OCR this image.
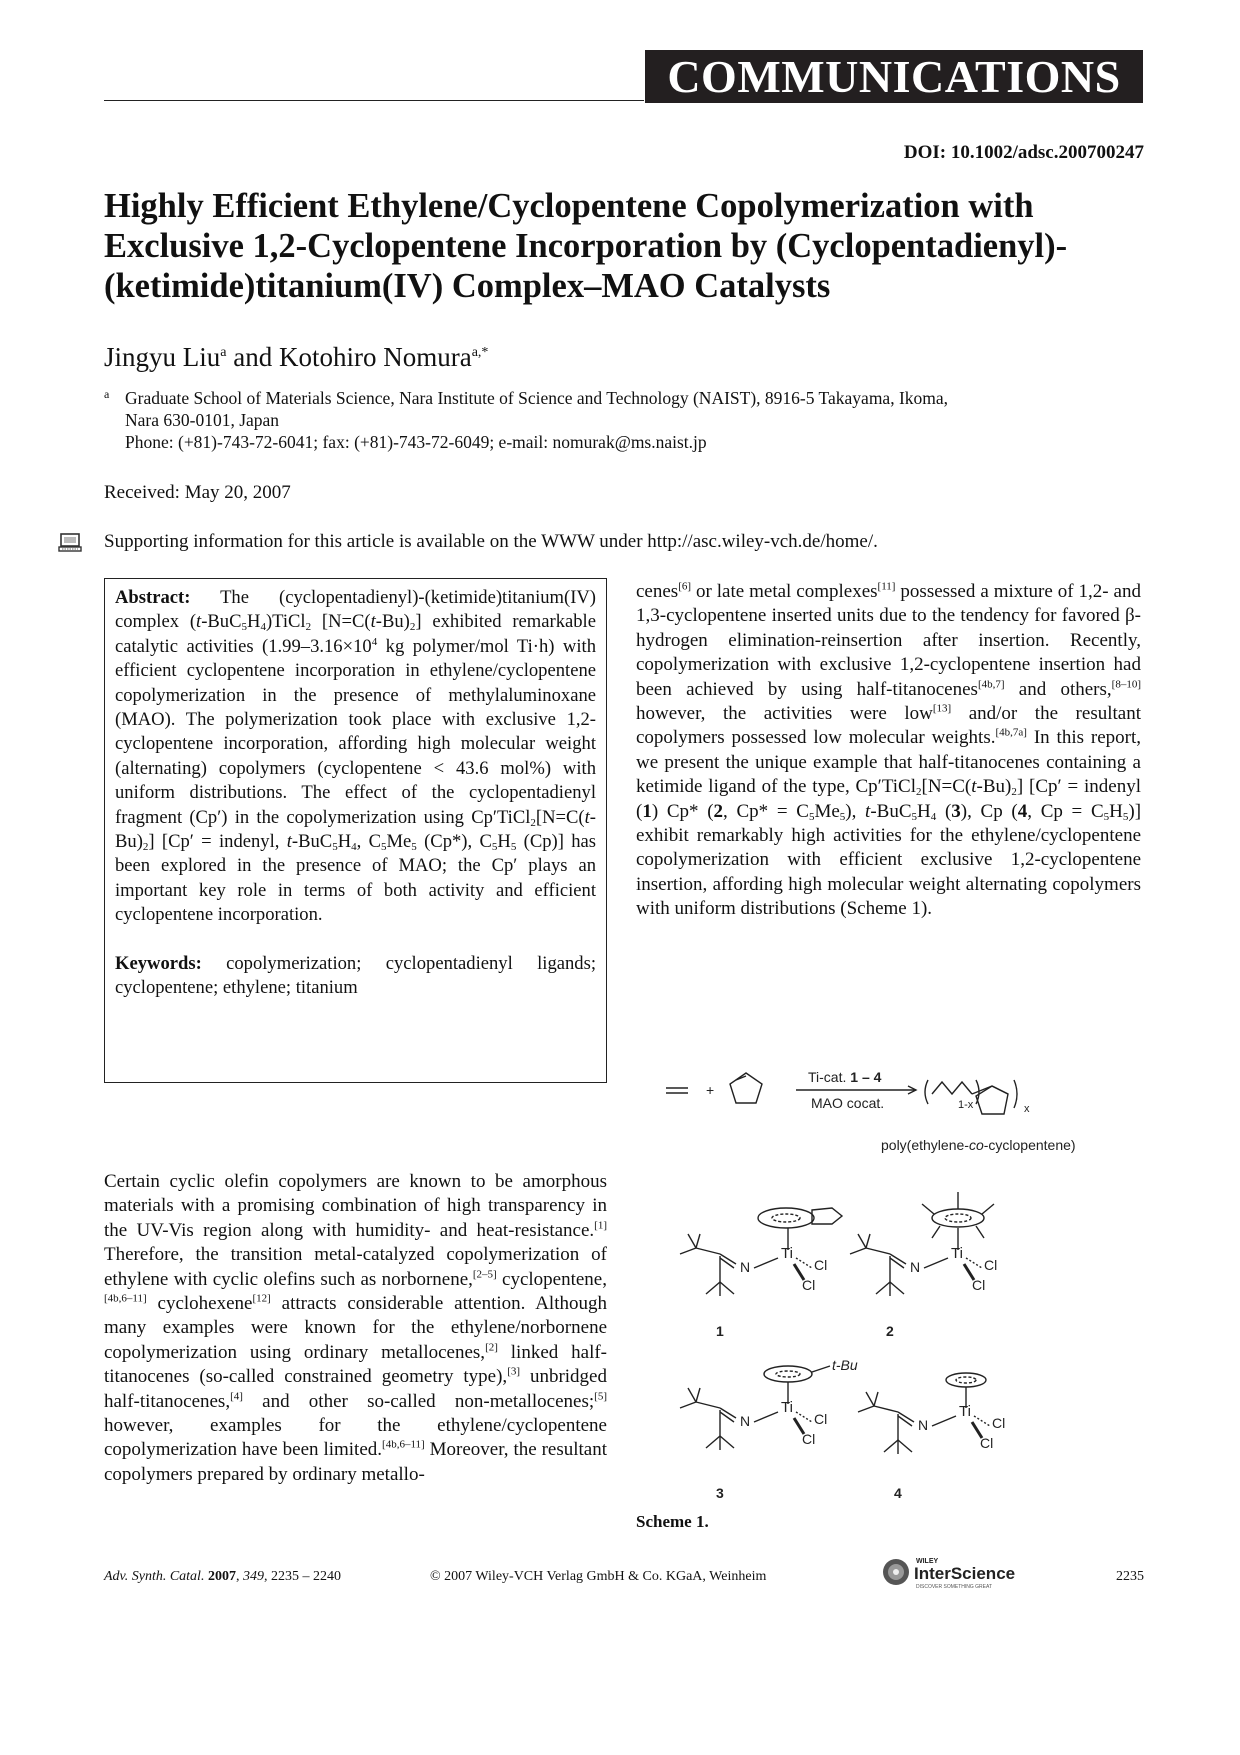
COMMUNICATIONS
DOI: 10.1002/adsc.200700247
Highly Efficient Ethylene/Cyclopentene Copolymerization with Exclusive 1,2-Cyclopentene Incorporation by (Cyclopentadienyl)-(ketimide)titanium(IV) Complex–MAO Catalysts
Jingyu Liu$^a$ and Kotohiro Nomura$^{a,*}$
a Graduate School of Materials Science, Nara Institute of Science and Technology (NAIST), 8916-5 Takayama, Ikoma,
Nara 630-0101, Japan
Phone: (+81)-743-72-6041; fax: (+81)-743-72-6049; e-mail: nomurak@ms.naist.jp
Received: May 20, 2007
Supporting information for this article is available on the WWW under http://asc.wiley-vch.de/home/.

Abstract: The (cyclopentadienyl)-(ketimide)titanium(IV) complex $(t-BuC_5H_4)TiCl_2$ $[N=C(t-Bu)_2]$ exhibited remarkable catalytic activities ($1.99-3.16\times 10^4$ kg polymer/mol Ti·h) with efficient cyclopentene incorporation in ethylene/cyclopentene copolymerization in the presence of methylaluminoxane (MAO). The polymerization took place with exclusive 1,2-cyclopentene incorporation, affording high molecular weight (alternating) copolymers (cyclopentene < 43.6 mol%) with uniform distributions. The effect of the cyclopentadienyl fragment (Cp′) in the copolymerization using $Cp'TiCl_2[N=C(t-Bu)_2] [Cp'$ = indenyl, $t-BuC_5H_4$, $C_5Me_5$ (Cp*), $C_5H_5$ (Cp)] has been explored in the presence of MAO; the Cp′ plays an important key role in terms of both activity and efficient cyclopentene incorporation.

Keywords: copolymerization; cyclopentadienyl ligands; cyclopentene; ethylene; titanium

cenes[6] or late metal complexes[11] possessed a mixture of 1,2- and 1,3-cyclopentene inserted units due to the tendency for favored β-hydrogen elimination-reinsertion after insertion. Recently, copolymerization with exclusive 1,2-cyclopentene insertion had been achieved by using half-titanocenes[4b,7] and others,[8–10] however, the activities were low[13] and/or the resultant copolymers possessed low molecular weights.[4b,7a] In this report, we present the unique example that half-titanocenes containing a ketimide ligand of the type, $Cp'TiCl_2[N=C(t-Bu)_2] [Cp'$ = indenyl (1) Cp* (2, $Cp* = C_5Me_5$), $t-BuC_5H_4$ (3), Cp (4, $Cp = C_5H_5$)] exhibit remarkably high activities for the ethylene/cyclopentene copolymerization with efficient exclusive 1,2-cyclopentene insertion, affording high molecular weight alternating copolymers with uniform distributions (Scheme 1).
Certain cyclic olefin copolymers are known to be amorphous materials with a promising combination of high transparency in the UV-Vis region along with humidity- and heat-resistance.[1] Therefore, the transition metal-catalyzed copolymerization of ethylene with cyclic olefins such as norbornene,[2–5] cyclopentene,[4b,6–11] cyclohexene[12] attracts considerable attention. Although many examples were known for the ethylene/norbornene copolymerization using ordinary metallocenes,[2] linked half-titanocenes (so-called constrained geometry type),[3] unbridged half-titanocenes,[4] and other so-called non-metallocenes;[5] however, examples for the ethylene/cyclopentene copolymerization have been limited.[4b,6–11] Moreover, the resultant copolymers prepared by ordinary metallo-
+
Ti-cat. 1 – 4
MAO cocat.	1-x	x
poly(ethylene-co-cyclopentene)
Ti
Cl
Cl
N
1
Ti
Cl
Cl
N
2
t-Bu
Ti
Cl
Cl
N
3
Ti
Cl
Cl
N
4
Scheme 1.
Adv. Synth. Catal. 2007, 349, 2235 – 2240	© 2007 Wiley-VCH Verlag GmbH & Co. KGaA, Weinheim
WILEY
InterScience
DISCOVER SOMETHING GREAT
2235
